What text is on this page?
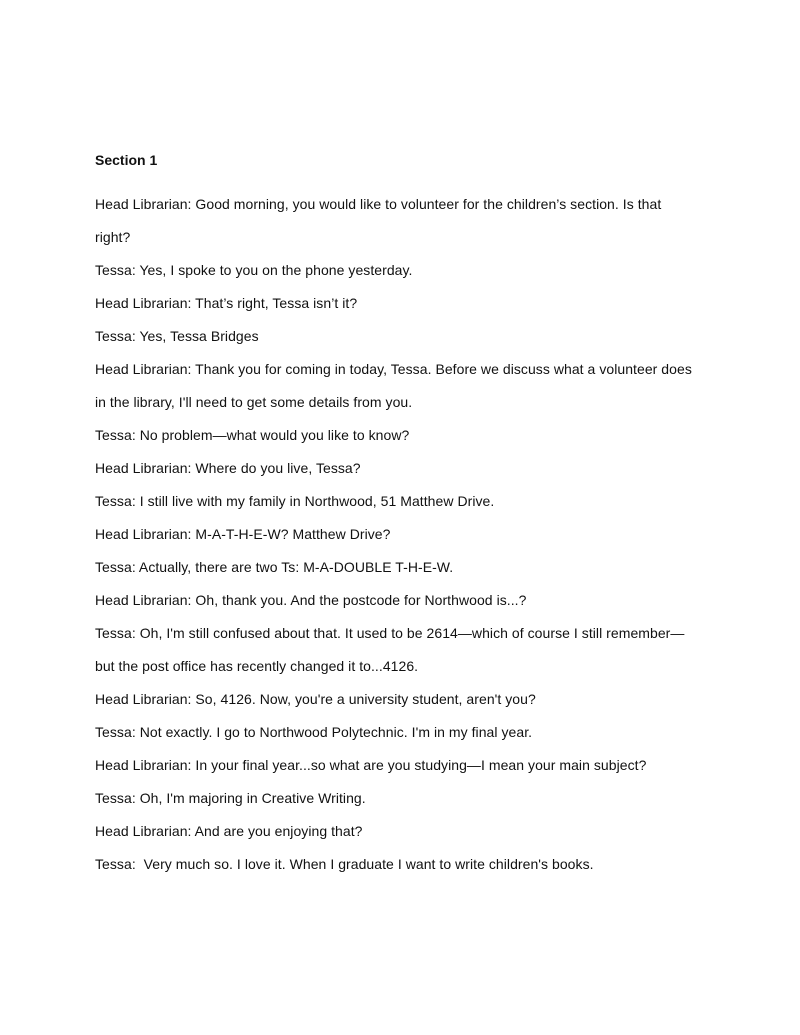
Section 1

Head Librarian: Good morning, you would like to volunteer for the children’s section. Is that

right?

Tessa: Yes, I spoke to you on the phone yesterday.

Head Librarian: That’s right, Tessa isn’t it?

Tessa: Yes, Tessa Bridges

Head Librarian: Thank you for coming in today, Tessa. Before we discuss what a volunteer does

in the library, I'll need to get some details from you.

Tessa: No problem—what would you like to know?

Head Librarian: Where do you live, Tessa?

Tessa: I still live with my family in Northwood, 51 Matthew Drive.

Head Librarian: M-A-T-H-E-W? Matthew Drive?

Tessa: Actually, there are two Ts: M-A-DOUBLE T-H-E-W.

Head Librarian: Oh, thank you. And the postcode for Northwood is...?

Tessa: Oh, I'm still confused about that. It used to be 2614—which of course I still remember—

but the post office has recently changed it to...4126.

Head Librarian: So, 4126. Now, you're a university student, aren't you?

Tessa: Not exactly. I go to Northwood Polytechnic. I'm in my final year.

Head Librarian: In your final year...so what are you studying—I mean your main subject?

Tessa: Oh, I'm majoring in Creative Writing.

Head Librarian: And are you enjoying that?

Tessa:  Very much so. I love it. When I graduate I want to write children's books.
